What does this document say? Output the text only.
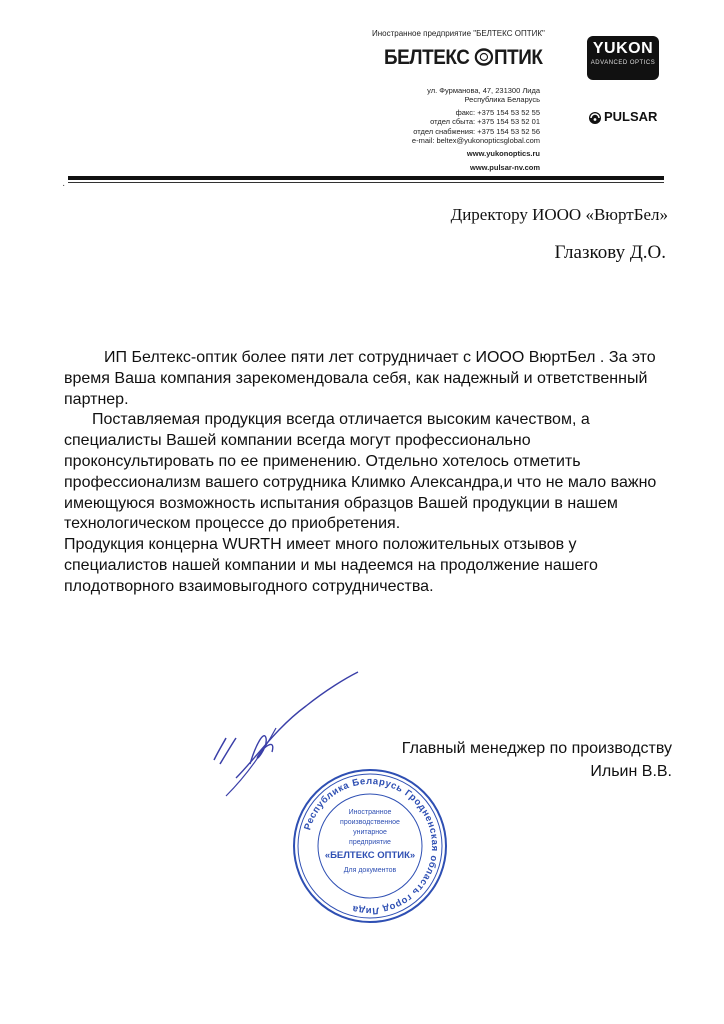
Иностранное предприятие "БЕЛТЕКС ОПТИК"
БЕЛТЕКС ПТИК
ул. Фурманова, 47, 231300 Лида
Республика Беларусь
факс: +375 154 53 52 55
отдел сбыта: +375 154 53 52 01
отдел снабжения: +375 154 53 52 56
e-mail: beltex@yukonopticsglobal.com
www.yukonoptics.ru
www.pulsar-nv.com
YUKON
ADVANCED OPTICS
PULSAR
·
Директору ИООО «ВюртБел»
Глазкову Д.О.

ИП Белтекс-оптик более пяти лет сотрудничает с ИООО ВюртБел . За это время Ваша компания зарекомендовала себя, как надежный и ответственный партнер.

Поставляемая продукция всегда отличается высоким качеством, а специалисты Вашей компании всегда могут профессионально проконсультировать по ее применению. Отдельно хотелось отметить профессионализм вашего сотрудника Климко Александра,и что не мало важно имеющуюся возможность испытания образцов Вашей продукции в нашем технологическом процессе до приобретения.

Продукция концерна WURTH имеет много положительных отзывов у специалистов нашей компании и мы надеемся на продолжение нашего плодотворного взаимовыгодного сотрудничества.

Главный менеджер по производству
Ильин В.В.
Республика Беларусь Гродненская область город Лида
Иностранное
производственное
унитарное
предприятие
«БЕЛТЕКС ОПТИК»
Для документов
